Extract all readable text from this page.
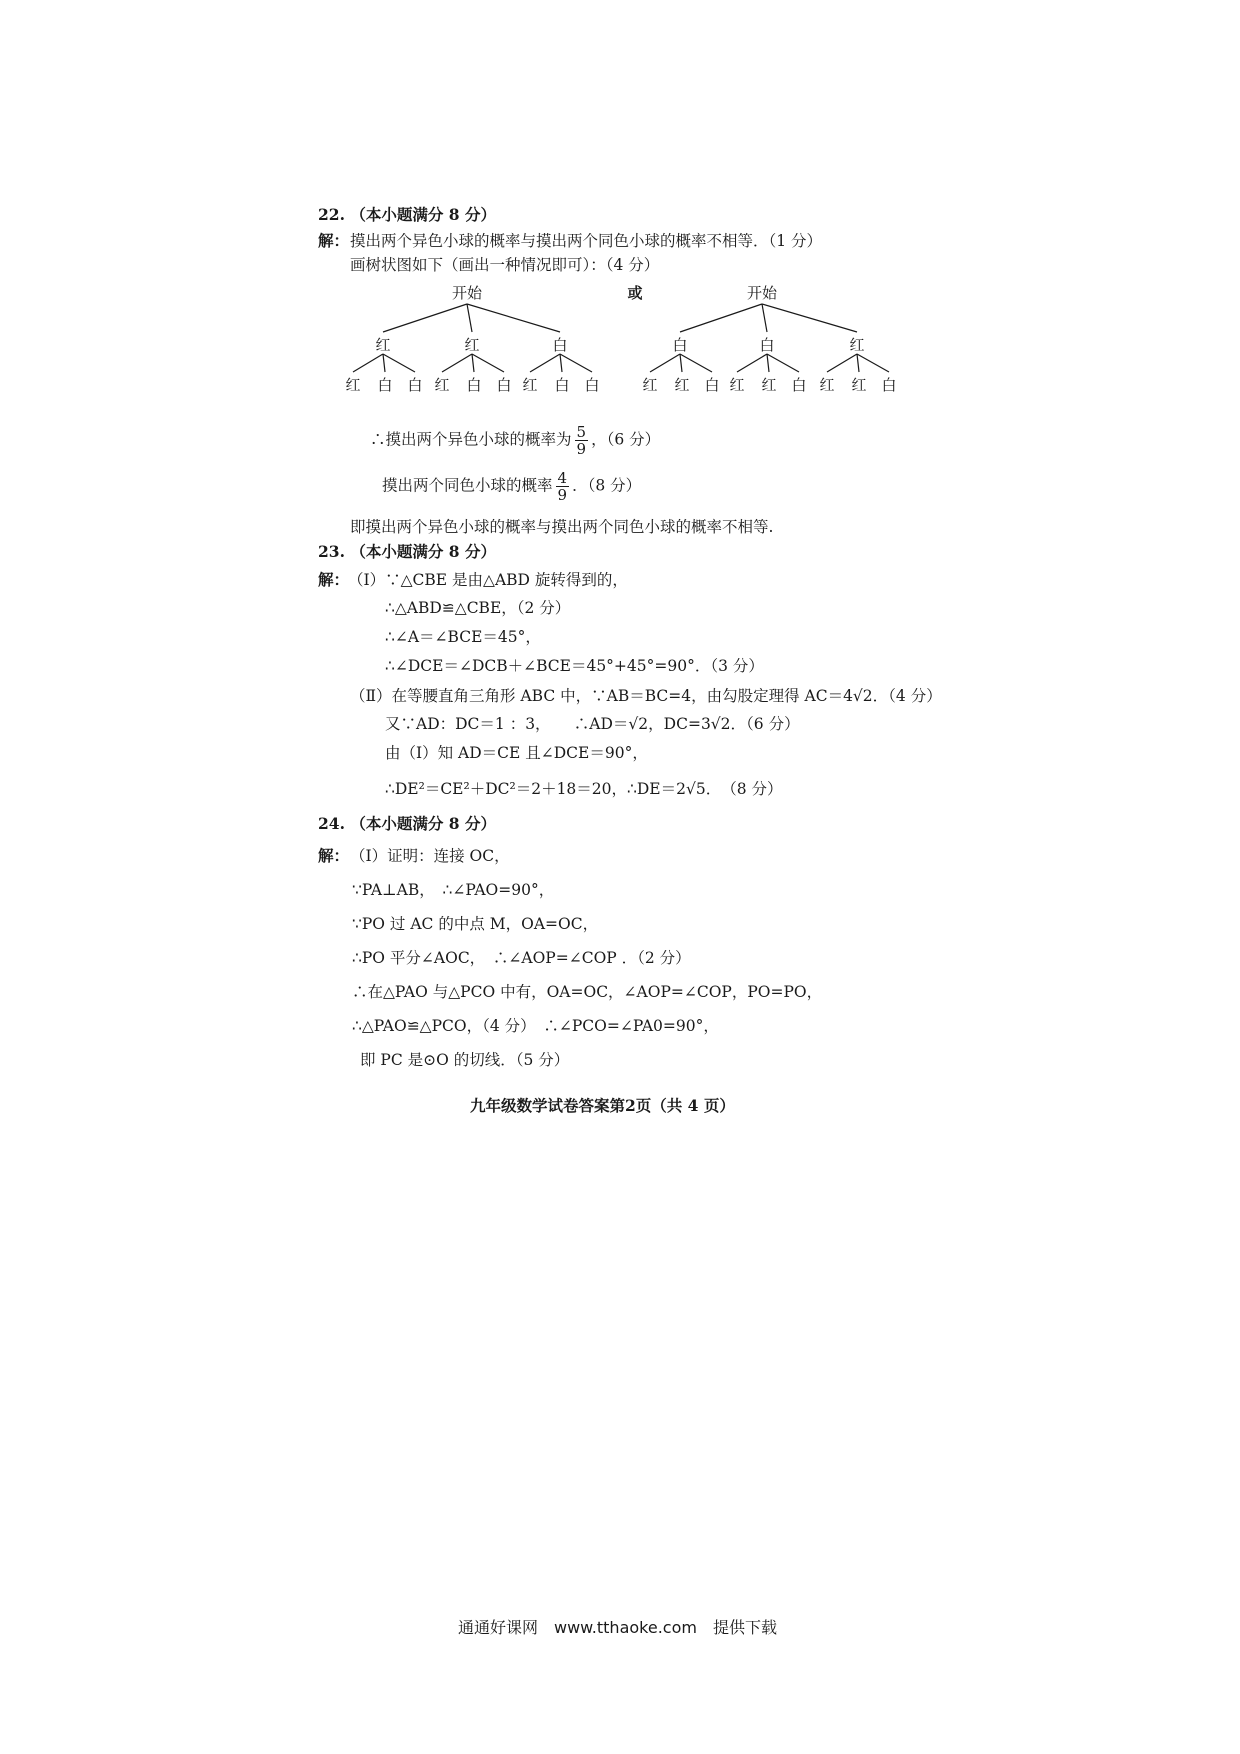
22. （本小题满分 8 分）
解： 摸出两个异色小球的概率与摸出两个同色小球的概率不相等．（1 分）
画树状图如下（画出一种情况即可）：（4 分）
开始
红	红	白
红 白 白 红 白 白 红 白 白
或	开始
白	白	红
红 红 白 红 红 白 红 红 白
∴摸出两个异色小球的概率为 $\frac{5}{9}$ ，（6 分）
摸出两个同色小球的概率 $\frac{4}{9}$ ．（8 分）
即摸出两个异色小球的概率与摸出两个同色小球的概率不相等.
23. （本小题满分 8 分）
解：
（Ⅰ）∵△CBE 是由△ABD 旋转得到的，
∴△ABD≌△CBE，（2 分）
∴∠A＝∠BCE＝45°，
∴∠DCE＝∠DCB＋∠BCE＝45°+45°=90°．（3 分）
（Ⅱ）在等腰直角三角形 ABC 中，∵AB＝BC=4，由勾股定理得 AC＝4√2．（4 分）
又∵AD：DC＝1 ：3，　　∴AD＝√2，DC=3√2．（6 分）
由（Ⅰ）知 AD＝CE 且∠DCE＝90°，
∴DE²＝CE²＋DC²＝2＋18＝20，∴DE＝2√5．　（8 分）
24. （本小题满分 8 分）
解： （Ⅰ）证明：连接 OC，
∵PA⊥AB，　∴∠PAO=90°，
∵PO 过 AC 的中点 M，OA=OC，
∴PO 平分∠AOC，　∴∠AOP=∠COP ．（2 分）
∴在△PAO 与△PCO 中有，OA=OC，∠AOP=∠COP，PO=PO，
∴△PAO≌△PCO，（4 分）　∴∠PCO=∠PA0=90°，
即 PC 是⊙O 的切线．（5 分）
九年级数学试卷答案第2页（共 4 页）
通通好课网　www.tthaoke.com　提供下载
